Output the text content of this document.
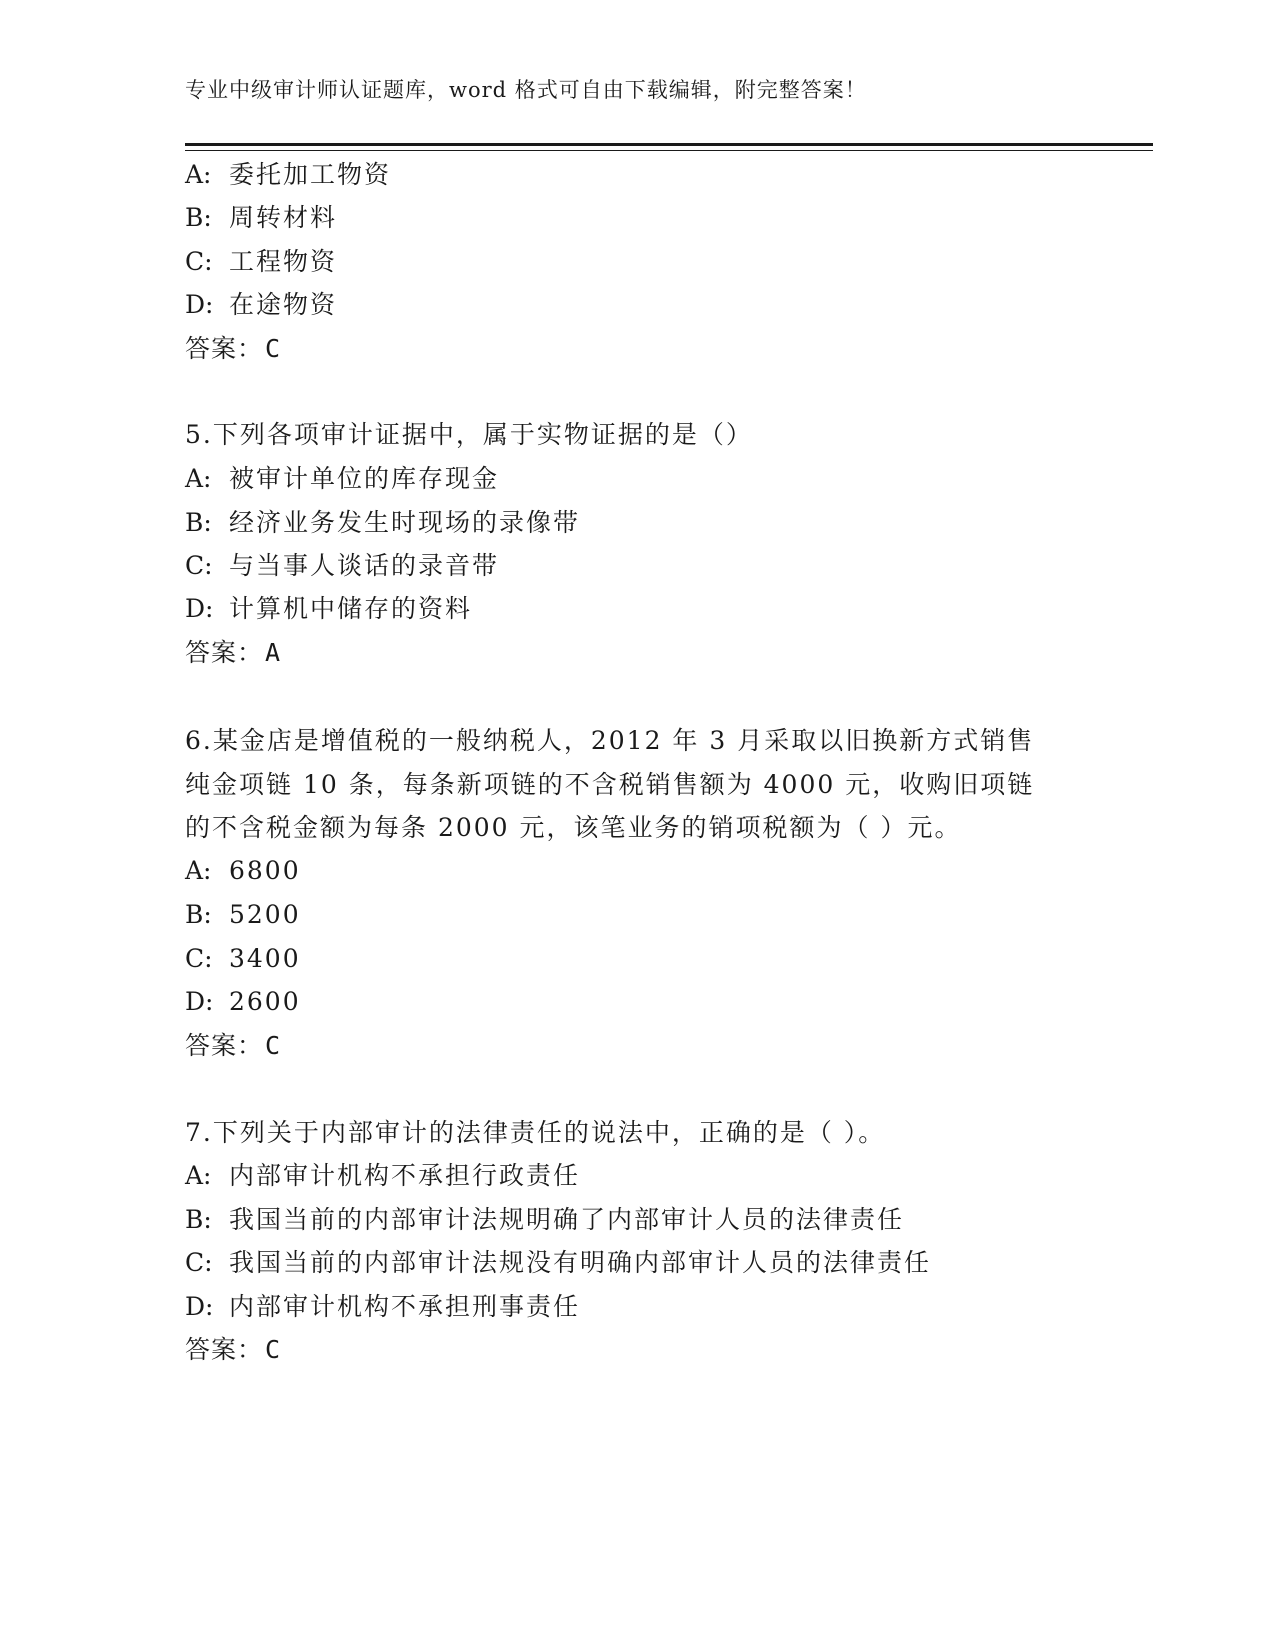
专业中级审计师认证题库，word 格式可自由下载编辑，附完整答案！
A: 委托加工物资
B: 周转材料
C: 工程物资
D: 在途物资
答案：C
5.下列各项审计证据中，属于实物证据的是（）
A: 被审计单位的库存现金
B: 经济业务发生时现场的录像带
C: 与当事人谈话的录音带
D: 计算机中储存的资料
答案：A
6.某金店是增值税的一般纳税人，2012 年 3 月采取以旧换新方式销售
纯金项链 10 条，每条新项链的不含税销售额为 4000 元，收购旧项链
的不含税金额为每条 2000 元，该笔业务的销项税额为（ ）元。
A: 6800
B: 5200
C: 3400
D: 2600
答案：C
7.下列关于内部审计的法律责任的说法中，正确的是（ ）。
A: 内部审计机构不承担行政责任
B: 我国当前的内部审计法规明确了内部审计人员的法律责任
C: 我国当前的内部审计法规没有明确内部审计人员的法律责任
D: 内部审计机构不承担刑事责任
答案：C
